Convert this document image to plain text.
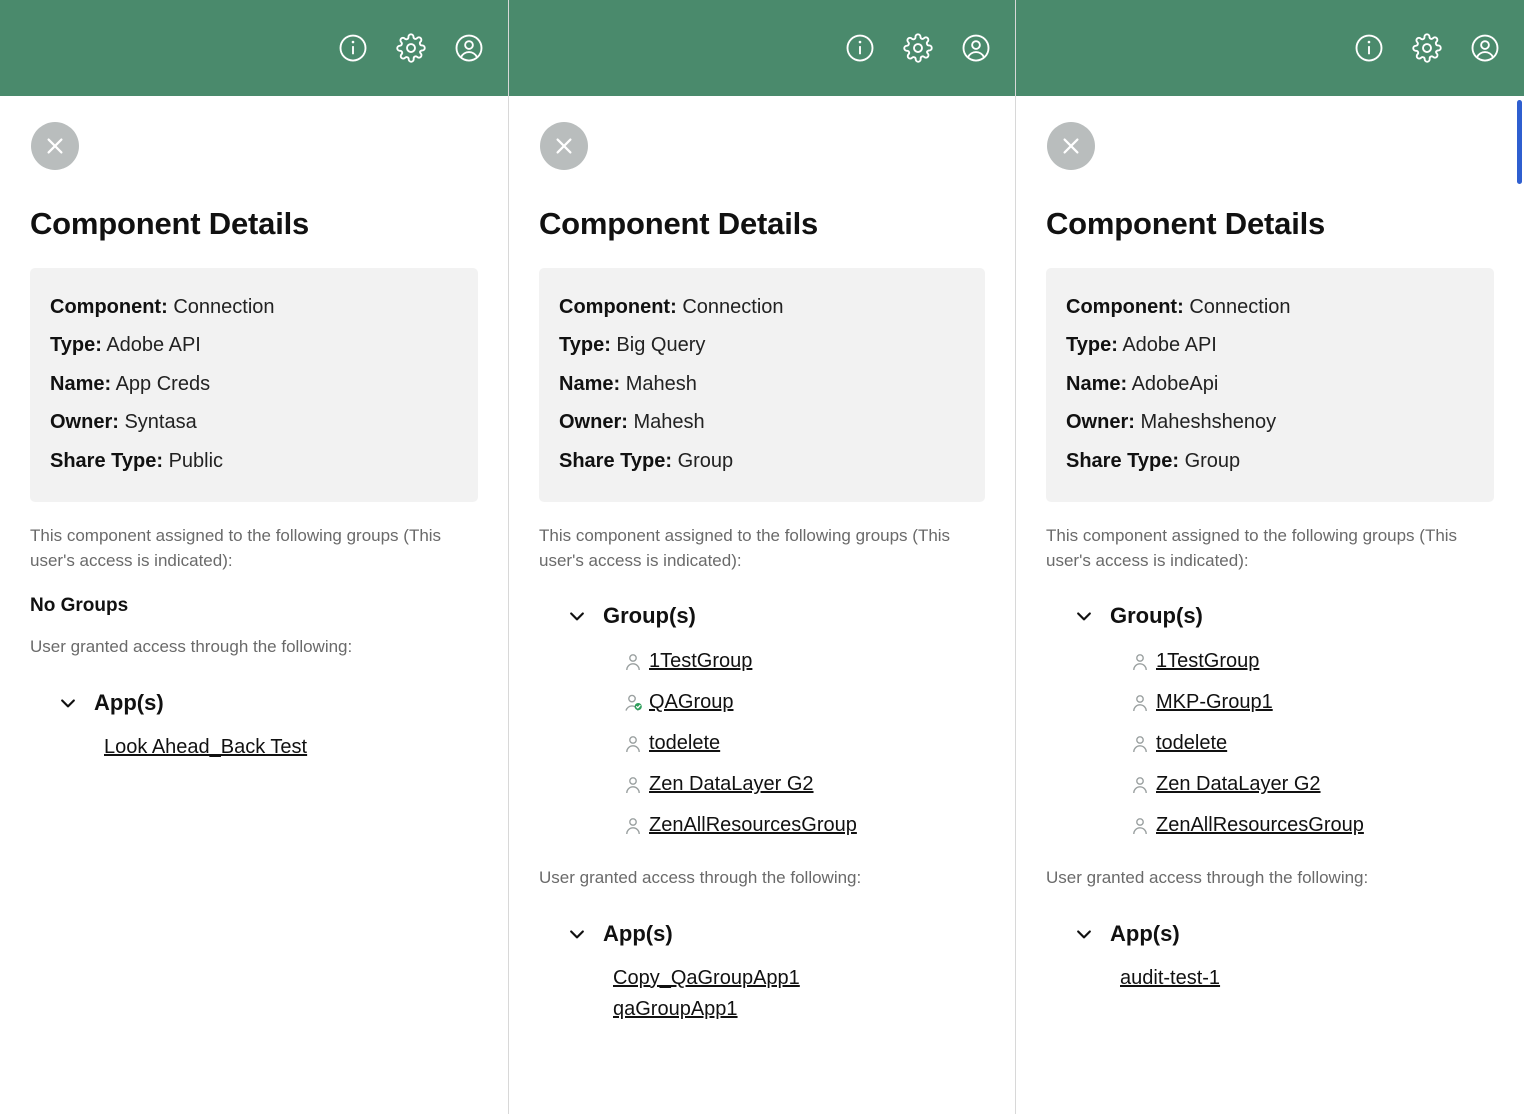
Component Details
Component: Connection
Type: Adobe API
Name: App Creds
Owner: Syntasa
Share Type: Public
This component assigned to the following groups (This user's access is indicated):
No Groups
User granted access through the following:
App(s)
Look Ahead_Back Test
Component Details
Component: Connection
Type: Big Query
Name: Mahesh
Owner: Mahesh
Share Type: Group
This component assigned to the following groups (This user's access is indicated):
Group(s)
1TestGroup
QAGroup
todelete
Zen DataLayer G2
ZenAllResourcesGroup
User granted access through the following:
App(s)
Copy_QaGroupApp1
qaGroupApp1
Component Details
Component: Connection
Type: Adobe API
Name: AdobeApi
Owner: Maheshshenoy
Share Type: Group
This component assigned to the following groups (This user's access is indicated):
Group(s)
1TestGroup
MKP-Group1
todelete
Zen DataLayer G2
ZenAllResourcesGroup
User granted access through the following:
App(s)
audit-test-1
